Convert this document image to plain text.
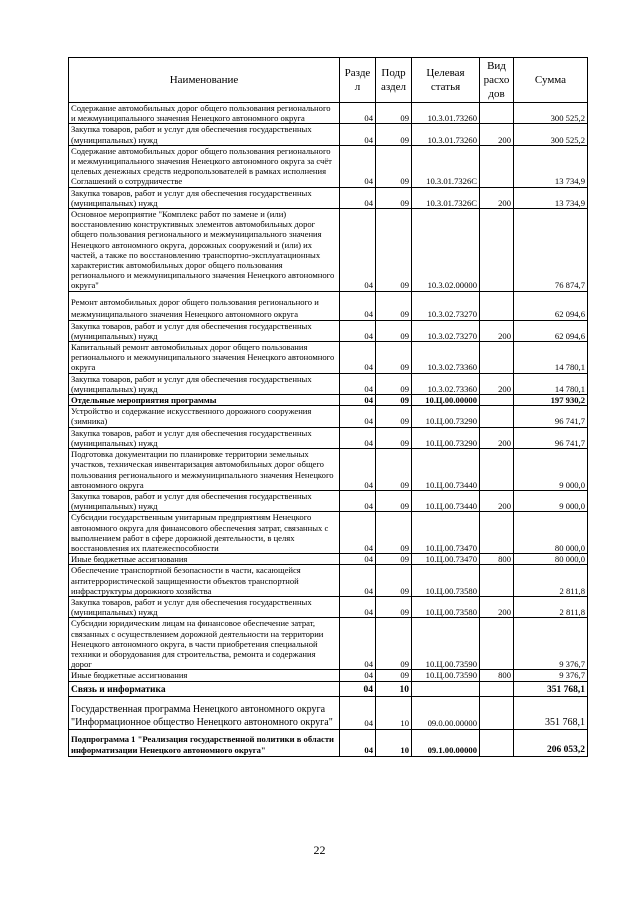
Наименование	Разде л	Подр аздел	Целевая статья	Вид расхо дов	Сумма
Содержание автомобильных дорог общего пользования регионального и межмуниципального значения Ненецкого автономного округа	04	09	10.3.01.73260		300 525,2
Закупка товаров, работ и услуг для обеспечения государственных (муниципальных) нужд	04	09	10.3.01.73260	200	300 525,2
Содержание автомобильных дорог общего пользования регионального и межмуниципального значения Ненецкого автономного округа за счёт целевых денежных средств недропользователей в рамках исполнения Соглашений о сотрудничестве	04	09	10.3.01.7326С		13 734,9
Закупка товаров, работ и услуг для обеспечения государственных (муниципальных) нужд	04	09	10.3.01.7326С	200	13 734,9
Основное мероприятие "Комплекс работ по замене и (или) восстановлению конструктивных элементов автомобильных дорог общего пользования регионального и межмуниципального значения Ненецкого автономного округа, дорожных сооружений и (или) их частей, а также по восстановлению транспортно-эксплуатационных характеристик автомобильных дорог общего пользования регионального и межмуниципального значения Ненецкого автономного округа"	04	09	10.3.02.00000		76 874,7
Ремонт автомобильных дорог общего пользования регионального и межмуниципального значения Ненецкого автономного округа	04	09	10.3.02.73270		62 094,6
Закупка товаров, работ и услуг для обеспечения государственных (муниципальных) нужд	04	09	10.3.02.73270	200	62 094,6
Капитальный ремонт автомобильных дорог общего пользования регионального и межмуниципального значения Ненецкого автономного округа	04	09	10.3.02.73360		14 780,1
Закупка товаров, работ и услуг для обеспечения государственных (муниципальных) нужд	04	09	10.3.02.73360	200	14 780,1
Отдельные мероприятия программы	04	09	10.Ц.00.00000		197 930,2
Устройство и содержание искусственного дорожного сооружения (зимника)	04	09	10.Ц.00.73290		96 741,7
Закупка товаров, работ и услуг для обеспечения государственных (муниципальных) нужд	04	09	10.Ц.00.73290	200	96 741,7
Подготовка документации по планировке территории земельных участков, техническая инвентаризация автомобильных дорог общего пользования регионального и межмуниципального значения Ненецкого автономного округа	04	09	10.Ц.00.73440		9 000,0
Закупка товаров, работ и услуг для обеспечения государственных (муниципальных) нужд	04	09	10.Ц.00.73440	200	9 000,0
Субсидии государственным унитарным предприятиям Ненецкого автономного округа для финансового обеспечения затрат, связанных с выполнением работ в сфере дорожной деятельности, в целях восстановления их платежеспособности	04	09	10.Ц.00.73470		80 000,0
Иные бюджетные ассигнования	04	09	10.Ц.00.73470	800	80 000,0
Обеспечение транспортной безопасности в части, касающейся антитеррористической защищенности объектов транспортной инфраструктуры дорожного хозяйства	04	09	10.Ц.00.73580		2 811,8
Закупка товаров, работ и услуг для обеспечения государственных (муниципальных) нужд	04	09	10.Ц.00.73580	200	2 811,8
Субсидии юридическим лицам на финансовое обеспечение затрат, связанных с осуществлением дорожной деятельности на территории Ненецкого автономного округа, в части приобретения специальной техники и оборудования для строительства, ремонта и содержания дорог	04	09	10.Ц.00.73590		9 376,7
Иные бюджетные ассигнования	04	09	10.Ц.00.73590	800	9 376,7
Связь и информатика	04	10			351 768,1
Государственная программа Ненецкого автономного округа "Информационное общество Ненецкого автономного округа"	04	10	09.0.00.00000		351 768,1
Подпрограмма 1 "Реализация государственной политики в области информатизации Ненецкого автономного округа"	04	10	09.1.00.00000		206 053,2
22
